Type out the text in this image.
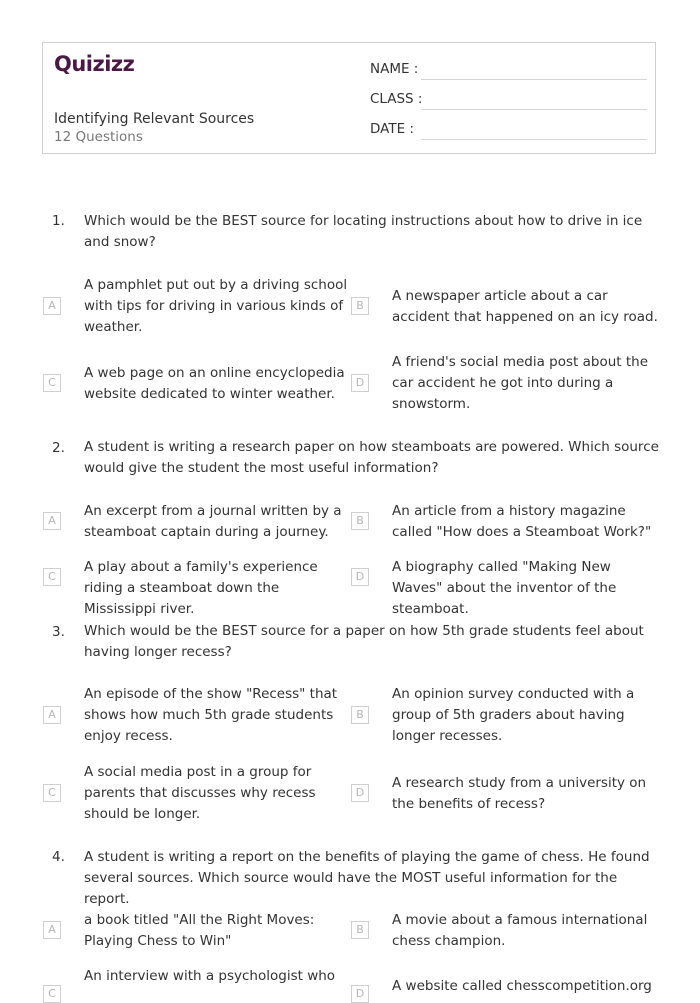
Quizizz
Identifying Relevant Sources
12 Questions
NAME :
CLASS :
DATE :
1.	Which would be the BEST source for locating instructions about how to drive in ice and snow?
A
A pamphlet put out by a driving school with tips for driving in various kinds of weather.
B
A newspaper article about a car accident that happened on an icy road.
C
A web page on an online encyclopedia website dedicated to winter weather.
D
A friend's social media post about the car accident he got into during a snowstorm.
2.	A student is writing a research paper on how steamboats are powered. Which source would give the student the most useful information?
A
An excerpt from a journal written by a steamboat captain during a journey.
B
An article from a history magazine called "How does a Steamboat Work?"
C
A play about a family's experience riding a steamboat down the Mississippi river.
D
A biography called "Making New Waves" about the inventor of the steamboat.
3.	Which would be the BEST source for a paper on how 5th grade students feel about having longer recess?
A
An episode of the show "Recess" that shows how much 5th grade students enjoy recess.
B
An opinion survey conducted with a group of 5th graders about having longer recesses.
C
A social media post in a group for parents that discusses why recess should be longer.
D
A research study from a university on the benefits of recess?
4.	A student is writing a report on the benefits of playing the game of chess. He found several sources. Which source would have the MOST useful information for the report.
A
a book titled "All the Right Moves: Playing Chess to Win"
B
A movie about a famous international chess champion.
C
An interview with a psychologist who
D	A website called chesscompetition.org
